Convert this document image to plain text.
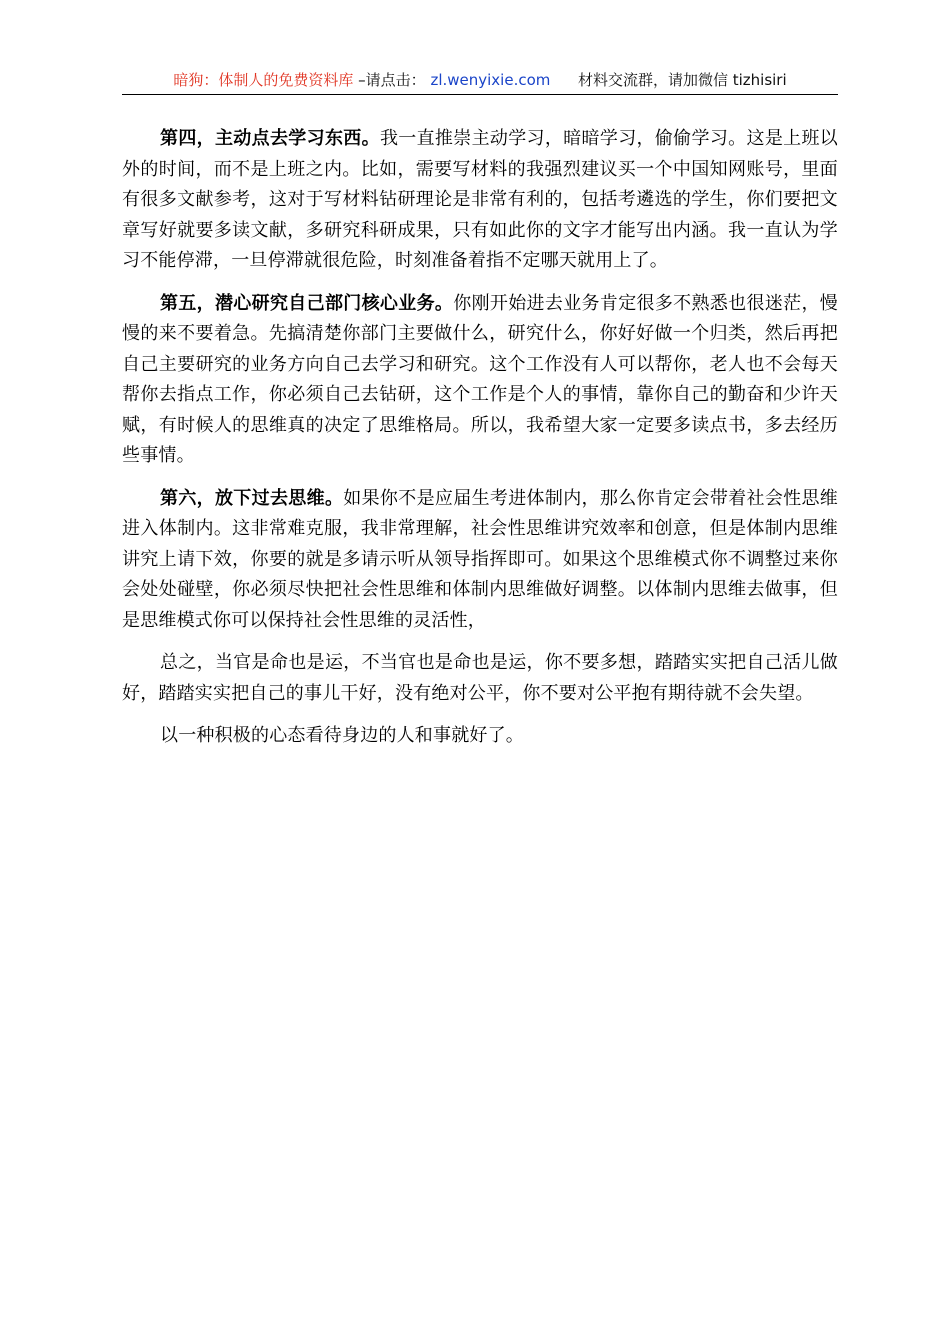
暗狗：体制人的免费资料库 –请点击： zl.wenyixie.com 材料交流群，请加微信 tizhisiri

第四，主动点去学习东西。我一直推崇主动学习，暗暗学习，偷偷学习。这是上班以外的时间，而不是上班之内。比如，需要写材料的我强烈建议买一个中国知网账号，里面有很多文献参考，这对于写材料钻研理论是非常有利的，包括考遴选的学生，你们要把文章写好就要多读文献，多研究科研成果，只有如此你的文字才能写出内涵。我一直认为学习不能停滞，一旦停滞就很危险，时刻准备着指不定哪天就用上了。

第五，潜心研究自己部门核心业务。你刚开始进去业务肯定很多不熟悉也很迷茫，慢慢的来不要着急。先搞清楚你部门主要做什么，研究什么，你好好做一个归类，然后再把自己主要研究的业务方向自己去学习和研究。这个工作没有人可以帮你，老人也不会每天帮你去指点工作，你必须自己去钻研，这个工作是个人的事情，靠你自己的勤奋和少许天赋，有时候人的思维真的决定了思维格局。所以，我希望大家一定要多读点书，多去经历些事情。

第六，放下过去思维。如果你不是应届生考进体制内，那么你肯定会带着社会性思维进入体制内。这非常难克服，我非常理解，社会性思维讲究效率和创意，但是体制内思维讲究上请下效，你要的就是多请示听从领导指挥即可。如果这个思维模式你不调整过来你会处处碰壁，你必须尽快把社会性思维和体制内思维做好调整。以体制内思维去做事，但是思维模式你可以保持社会性思维的灵活性，

总之，当官是命也是运，不当官也是命也是运，你不要多想，踏踏实实把自己活儿做好，踏踏实实把自己的事儿干好，没有绝对公平，你不要对公平抱有期待就不会失望。

以一种积极的心态看待身边的人和事就好了。
